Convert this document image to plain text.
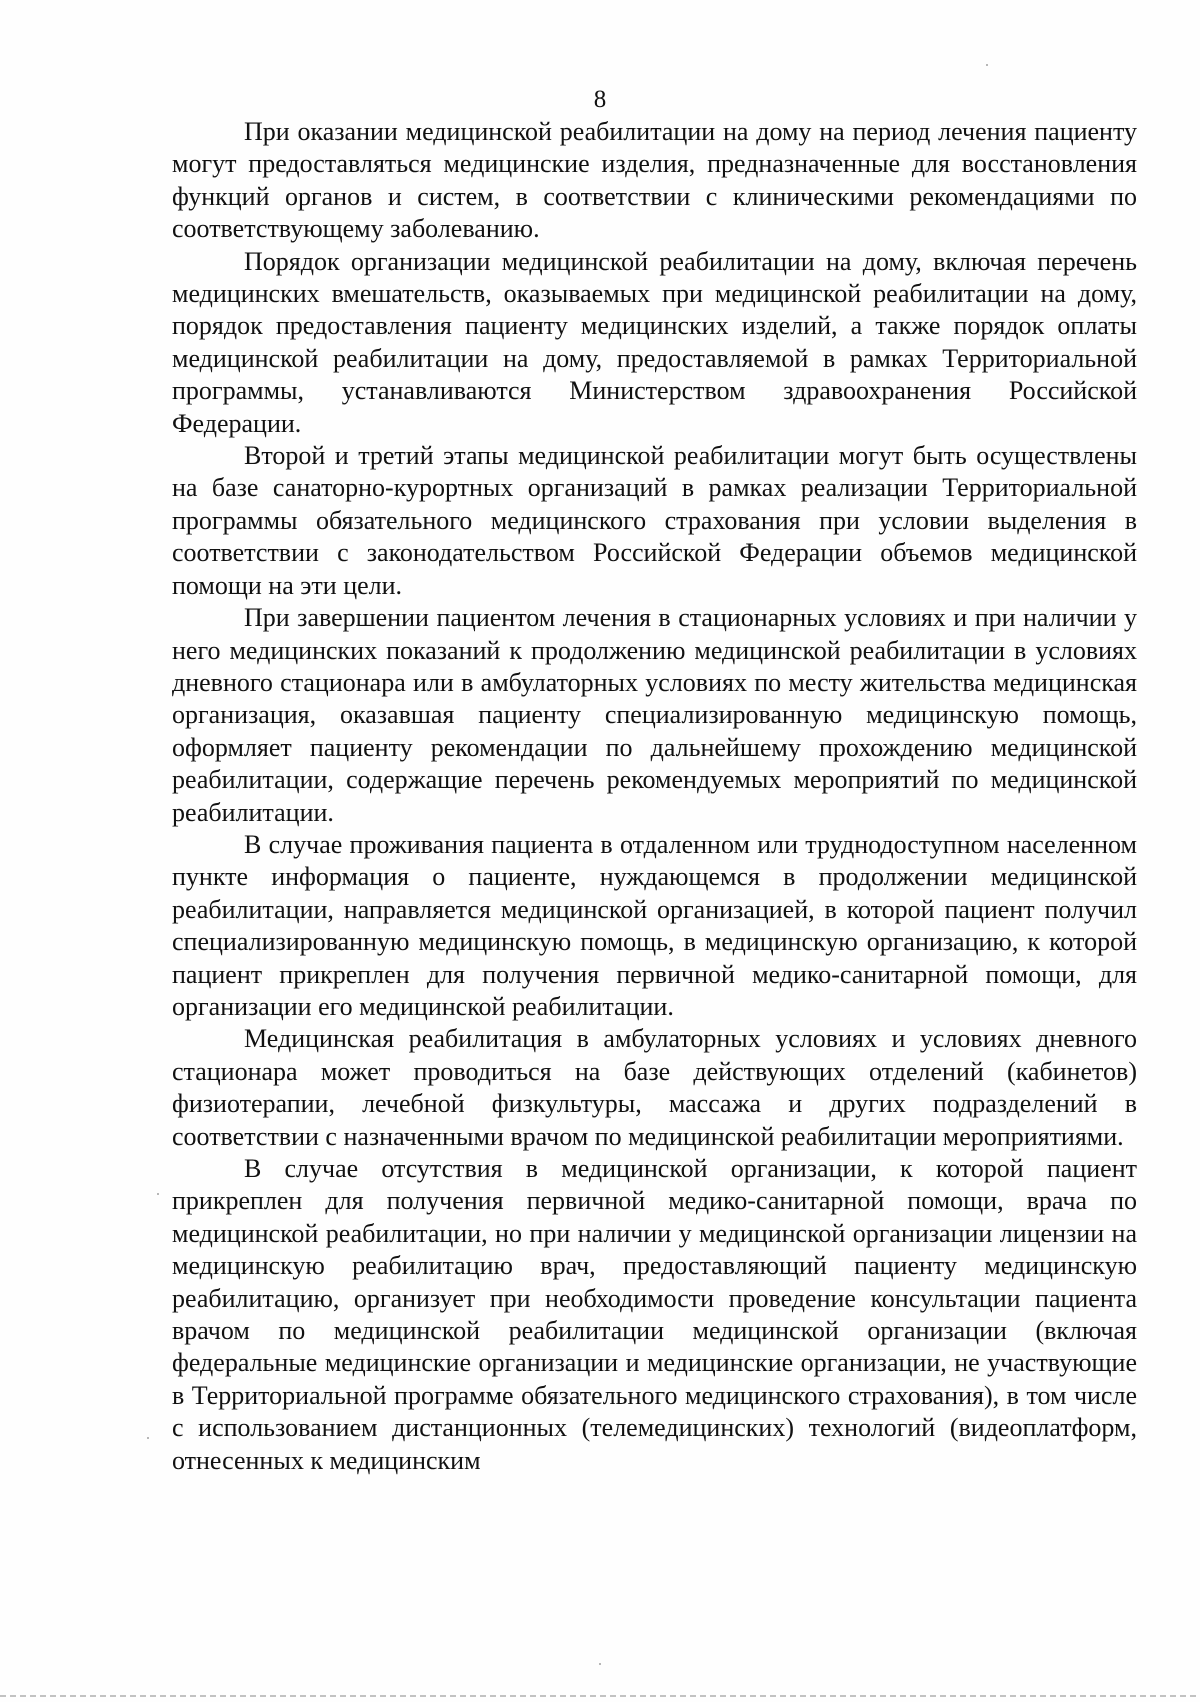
8

При оказании медицинской реабилитации на дому на период лечения пациенту могут предоставляться медицинские изделия, предназначенные для восстановления функций органов и систем, в соответствии с клиническими рекомендациями по соответствующему заболеванию.

Порядок организации медицинской реабилитации на дому, включая перечень медицинских вмешательств, оказываемых при медицинской реабилитации на дому, порядок предоставления пациенту медицинских изделий, а также порядок оплаты медицинской реабилитации на дому, предоставляемой в рамках Территориальной программы, устанавливаются Министерством здравоохранения Российской Федерации.

Второй и третий этапы медицинской реабилитации могут быть осуществлены на базе санаторно-курортных организаций в рамках реализации Территориальной программы обязательного медицинского страхования при условии выделения в соответствии с законодательством Российской Федерации объемов медицинской помощи на эти цели.

При завершении пациентом лечения в стационарных условиях и при наличии у него медицинских показаний к продолжению медицинской реабилитации в условиях дневного стационара или в амбулаторных условиях по месту жительства медицинская организация, оказавшая пациенту специализированную медицинскую помощь, оформляет пациенту рекомендации по дальнейшему прохождению медицинской реабилитации, содержащие перечень рекомендуемых мероприятий по медицинской реабилитации.

В случае проживания пациента в отдаленном или труднодоступном населенном пункте информация о пациенте, нуждающемся в продолжении медицинской реабилитации, направляется медицинской организацией, в которой пациент получил специализированную медицинскую помощь, в медицинскую организацию, к которой пациент прикреплен для получения первичной медико-санитарной помощи, для организации его медицинской реабилитации.

Медицинская реабилитация в амбулаторных условиях и условиях дневного стационара может проводиться на базе действующих отделений (кабинетов) физиотерапии, лечебной физкультуры, массажа и других подразделений в соответствии с назначенными врачом по медицинской реабилитации мероприятиями.

В случае отсутствия в медицинской организации, к которой пациент прикреплен для получения первичной медико-санитарной помощи, врача по медицинской реабилитации, но при наличии у медицинской организации лицензии на медицинскую реабилитацию врач, предоставляющий пациенту медицинскую реабилитацию, организует при необходимости проведение консультации пациента врачом по медицинской реабилитации медицинской организации (включая федеральные медицинские организации и медицинские организации, не участвующие в Территориальной программе обязательного медицинского страхования), в том числе с использованием дистанционных (телемедицинских) технологий (видеоплатформ, отнесенных к медицинским
